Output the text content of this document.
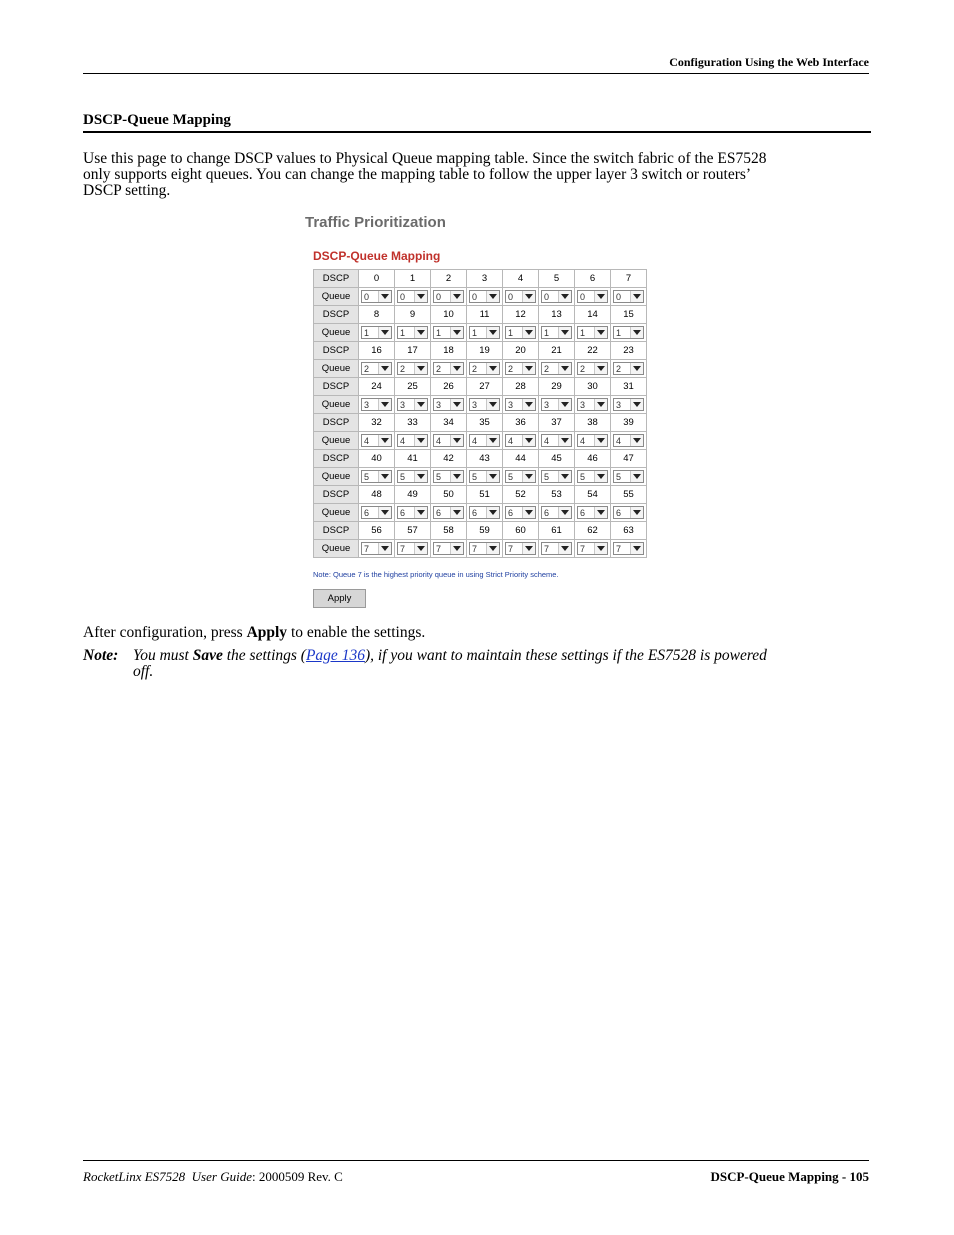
Configuration Using the Web Interface
DSCP-Queue Mapping
Use this page to change DSCP values to Physical Queue mapping table. Since the switch fabric of the ES7528
only supports eight queues. You can change the mapping table to follow the upper layer 3 switch or routers’
DSCP setting.
Traffic Prioritization
DSCP-Queue Mapping
DSCP	0	1	2	3	4	5	6	7
Queue	0	0	0	0	0	0	0	0

DSCP	8	9	10	11	12	13	14	15
Queue	1	1	1	1	1	1	1	1

DSCP	16	17	18	19	20	21	22	23
Queue	2	2	2	2	2	2	2	2

DSCP	24	25	26	27	28	29	30	31
Queue	3	3	3	3	3	3	3	3

DSCP	32	33	34	35	36	37	38	39
Queue	4	4	4	4	4	4	4	4

DSCP	40	41	42	43	44	45	46	47
Queue	5	5	5	5	5	5	5	5

DSCP	48	49	50	51	52	53	54	55
Queue	6	6	6	6	6	6	6	6

DSCP	56	57	58	59	60	61	62	63
Queue	7	7	7	7	7	7	7	7
Note: Queue 7 is the highest priority queue in using Strict Priority scheme.
Apply
After configuration, press Apply to enable the settings.
Note: You must Save the settings (Page 136), if you want to maintain these settings if the ES7528 is powered
off.
RocketLinx ES7528  User Guide: 2000509 Rev. C	DSCP-Queue Mapping - 105
